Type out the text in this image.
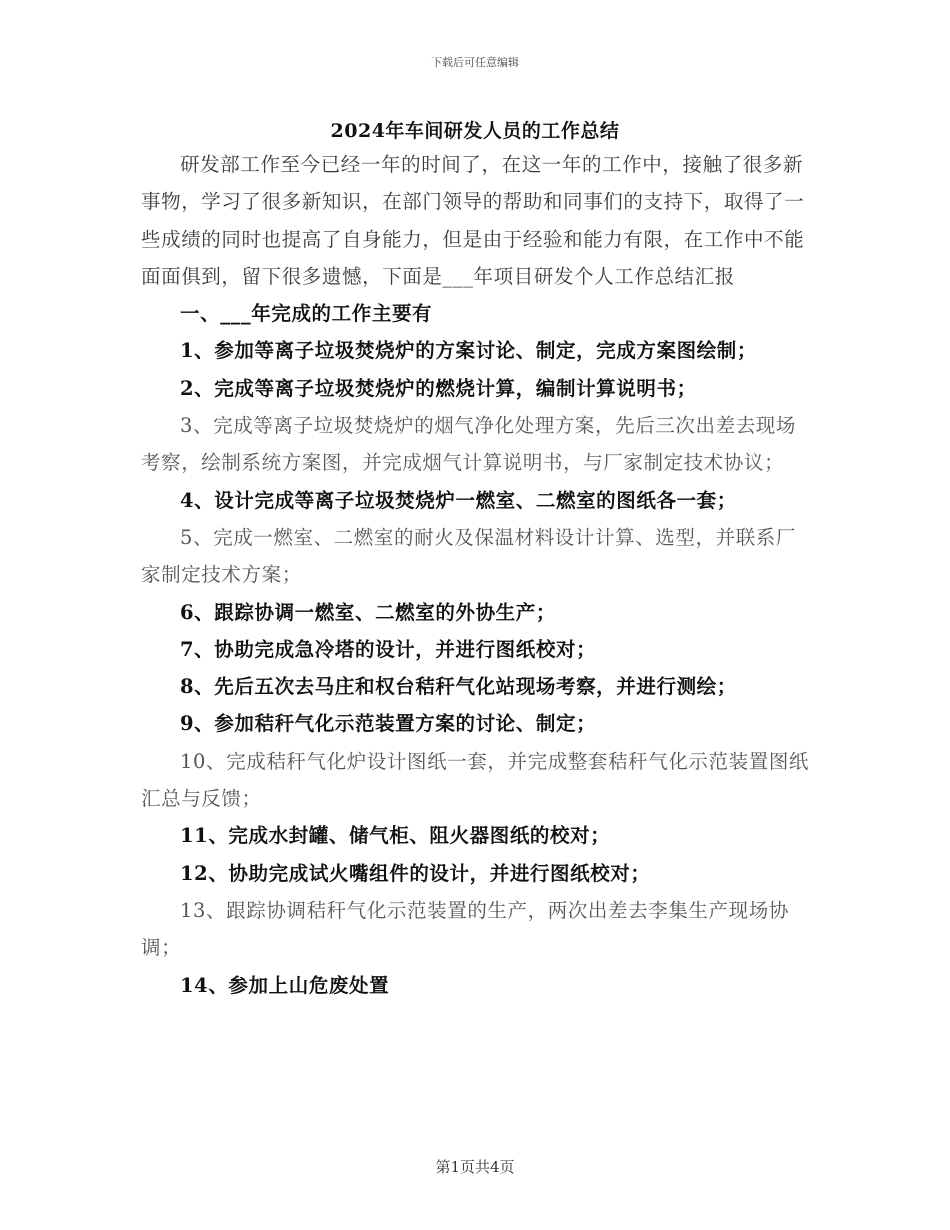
下载后可任意编辑
2024年车间研发人员的工作总结

研发部工作至今已经一年的时间了，在这一年的工作中，接触了很多新事物，学习了很多新知识，在部门领导的帮助和同事们的支持下，取得了一些成绩的同时也提高了自身能力，但是由于经验和能力有限，在工作中不能面面俱到，留下很多遗憾，下面是___年项目研发个人工作总结汇报

一、___年完成的工作主要有

1、参加等离子垃圾焚烧炉的方案讨论、制定，完成方案图绘制；

2、完成等离子垃圾焚烧炉的燃烧计算，编制计算说明书；

3、完成等离子垃圾焚烧炉的烟气净化处理方案，先后三次出差去现场考察，绘制系统方案图，并完成烟气计算说明书，与厂家制定技术协议；

4、设计完成等离子垃圾焚烧炉一燃室、二燃室的图纸各一套；

5、完成一燃室、二燃室的耐火及保温材料设计计算、选型，并联系厂家制定技术方案；

6、跟踪协调一燃室、二燃室的外协生产；

7、协助完成急冷塔的设计，并进行图纸校对；

8、先后五次去马庄和权台秸秆气化站现场考察，并进行测绘；

9、参加秸秆气化示范装置方案的讨论、制定；

10、完成秸秆气化炉设计图纸一套，并完成整套秸秆气化示范装置图纸汇总与反馈；

11、完成水封罐、储气柜、阻火器图纸的校对；

12、协助完成试火嘴组件的设计，并进行图纸校对；

13、跟踪协调秸秆气化示范装置的生产，两次出差去李集生产现场协调；

14、参加上山危废处置

第1页共4页
